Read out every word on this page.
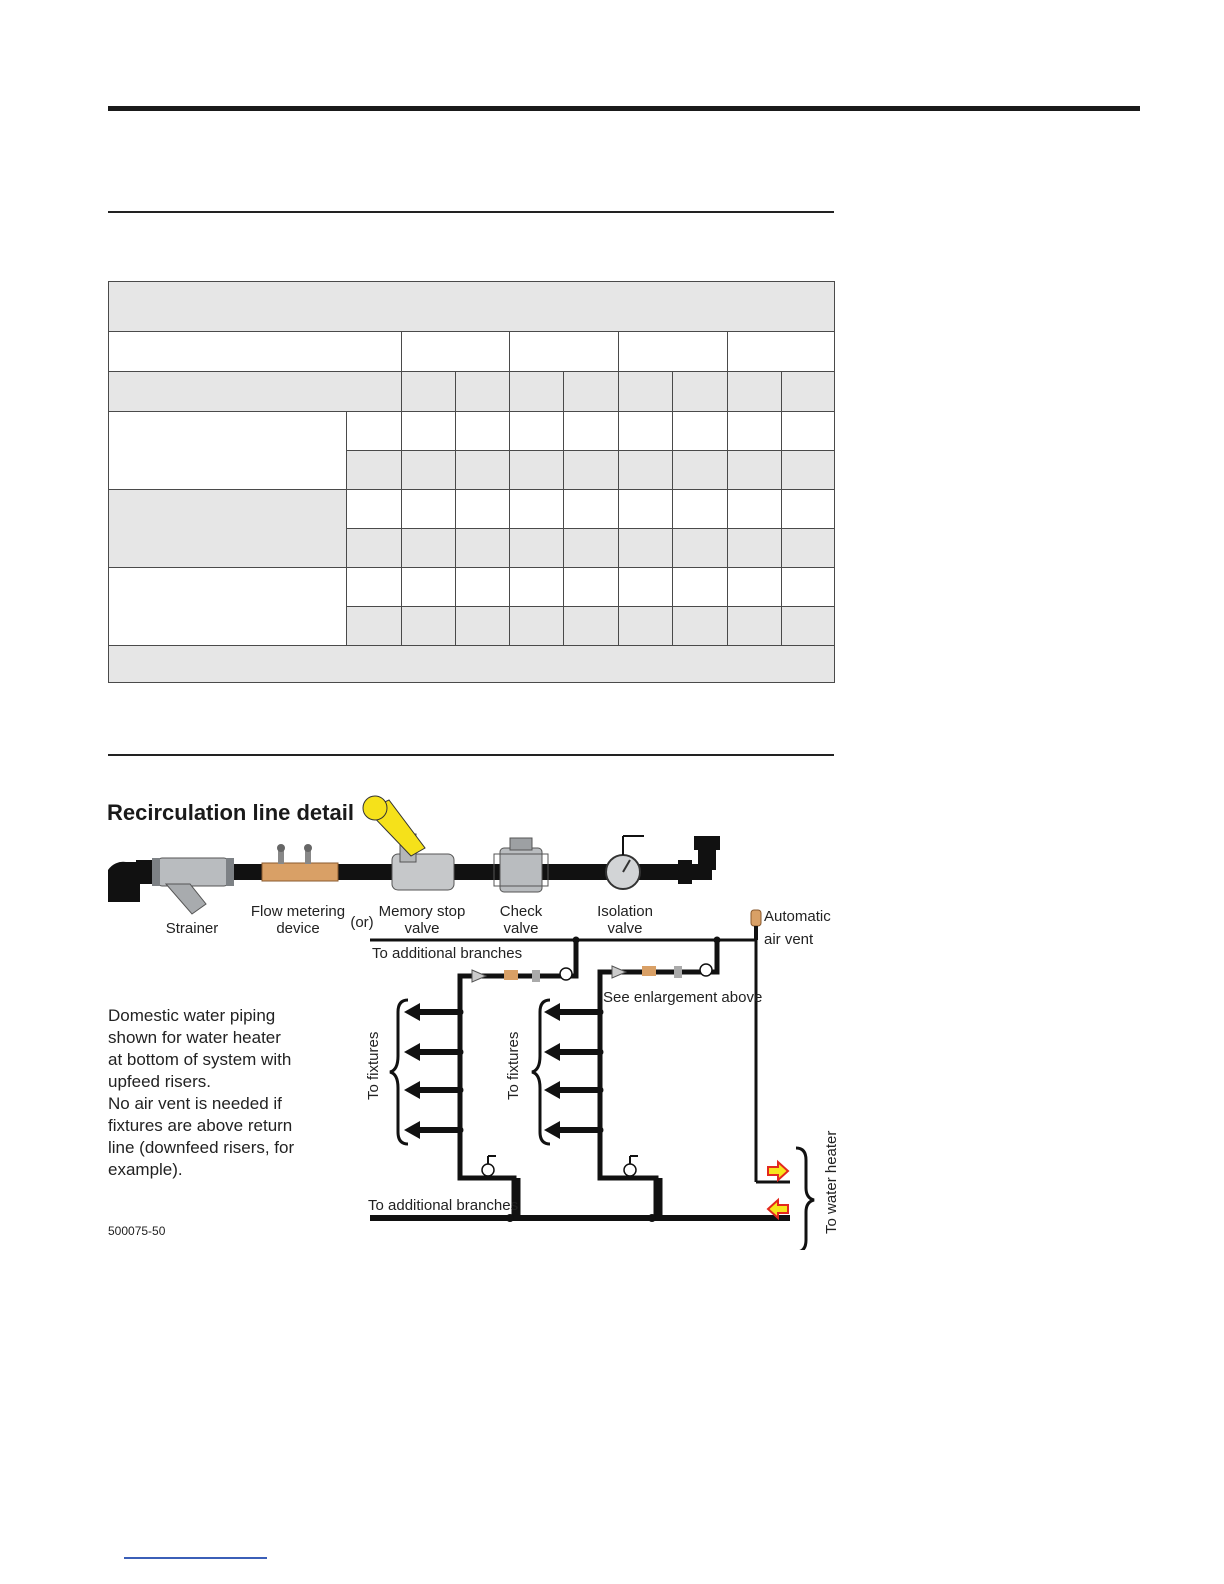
Recirculation line detail
Strainer
Flow metering
device (or)
Memory stop
valve
Check
valve
Isolation
valve
Automatic
air vent
To additional branches
To fixtures
See enlargement above
To fixtures
To additional branches	To water heater
Domestic water piping
shown for water heater
at bottom of system with
upfeed risers.
No air vent is needed if
fixtures are above return
line (downfeed risers, for
example).
500075-50
